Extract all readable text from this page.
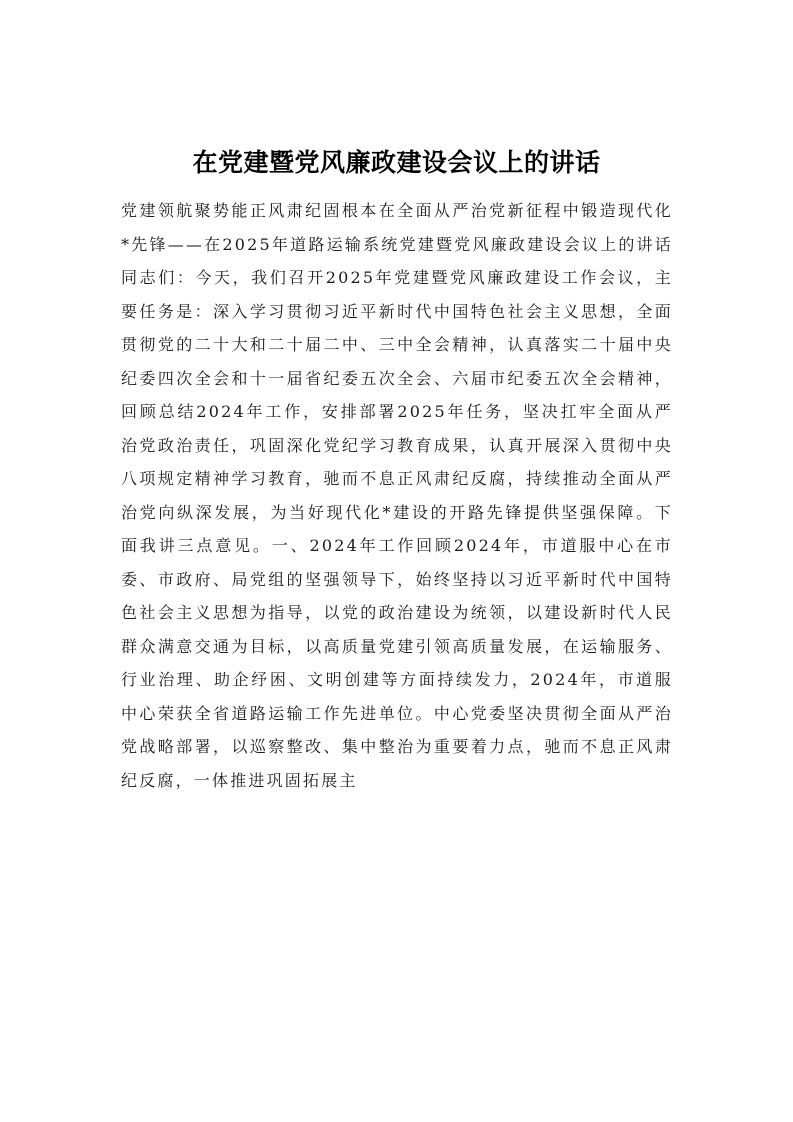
在党建暨党风廉政建设会议上的讲话

党建领航聚势能正风肃纪固根本在全面从严治党新征程中锻造现代化*先锋——在2025年道路运输系统党建暨党风廉政建设会议上的讲话同志们：今天，我们召开2025年党建暨党风廉政建设工作会议，主要任务是：深入学习贯彻习近平新时代中国特色社会主义思想，全面贯彻党的二十大和二十届二中、三中全会精神，认真落实二十届中央纪委四次全会和十一届省纪委五次全会、六届市纪委五次全会精神，回顾总结2024年工作，安排部署2025年任务，坚决扛牢全面从严治党政治责任，巩固深化党纪学习教育成果，认真开展深入贯彻中央八项规定精神学习教育，驰而不息正风肃纪反腐，持续推动全面从严治党向纵深发展，为当好现代化*建设的开路先锋提供坚强保障。下面我讲三点意见。一、2024年工作回顾2024年，市道服中心在市委、市政府、局党组的坚强领导下，始终坚持以习近平新时代中国特色社会主义思想为指导，以党的政治建设为统领，以建设新时代人民群众满意交通为目标，以高质量党建引领高质量发展，在运输服务、行业治理、助企纾困、文明创建等方面持续发力，2024年，市道服中心荣获全省道路运输工作先进单位。中心党委坚决贯彻全面从严治党战略部署，以巡察整改、集中整治为重要着力点，驰而不息正风肃纪反腐，一体推进巩固拓展主
